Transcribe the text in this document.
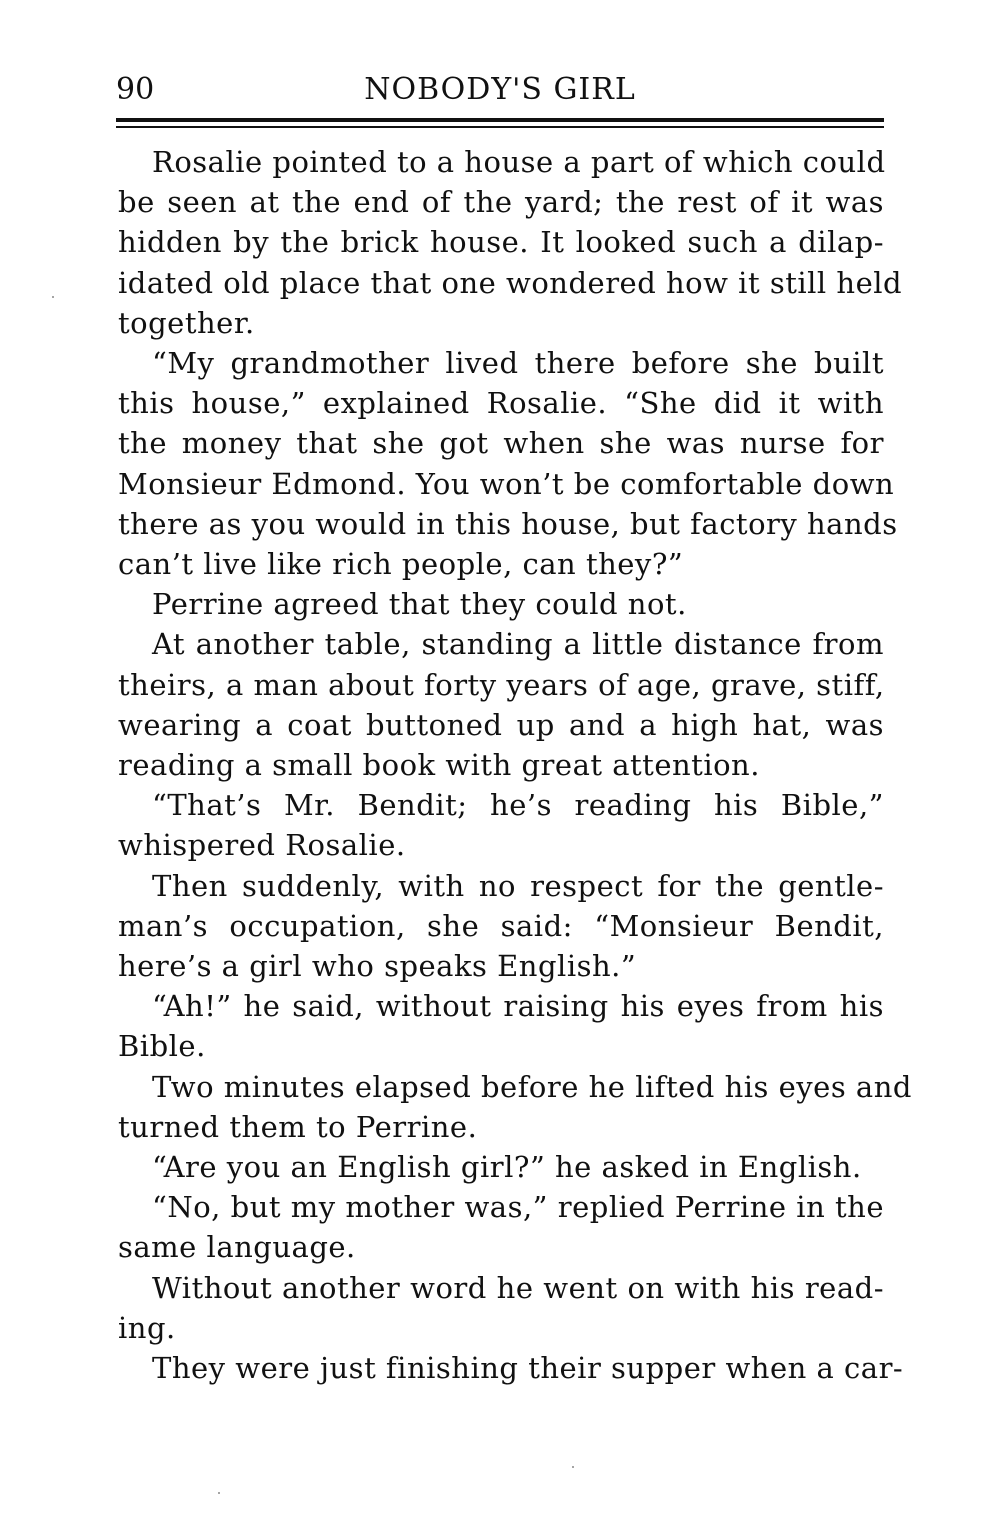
90	NOBODY'S GIRL
Rosalie pointed to a house a part of which could
be seen at the end of the yard; the rest of it was
hidden by the brick house. It looked such a dilap-
idated old place that one wondered how it still held
together.
“My grandmother lived there before she built
this house,” explained Rosalie. “She did it with
the money that she got when she was nurse for
Monsieur Edmond. You won’t be comfortable down
there as you would in this house, but factory hands
can’t live like rich people, can they?”
Perrine agreed that they could not.
At another table, standing a little distance from
theirs, a man about forty years of age, grave, stiff,
wearing a coat buttoned up and a high hat, was
reading a small book with great attention.
“That’s Mr. Bendit; he’s reading his Bible,”
whispered Rosalie.
Then suddenly, with no respect for the gentle-
man’s occupation, she said: “Monsieur Bendit,
here’s a girl who speaks English.”
“Ah!” he said, without raising his eyes from his
Bible.
Two minutes elapsed before he lifted his eyes and
turned them to Perrine.
“Are you an English girl?” he asked in English.
“No, but my mother was,” replied Perrine in the
same language.
Without another word he went on with his read-
ing.
They were just finishing their supper when a car-
